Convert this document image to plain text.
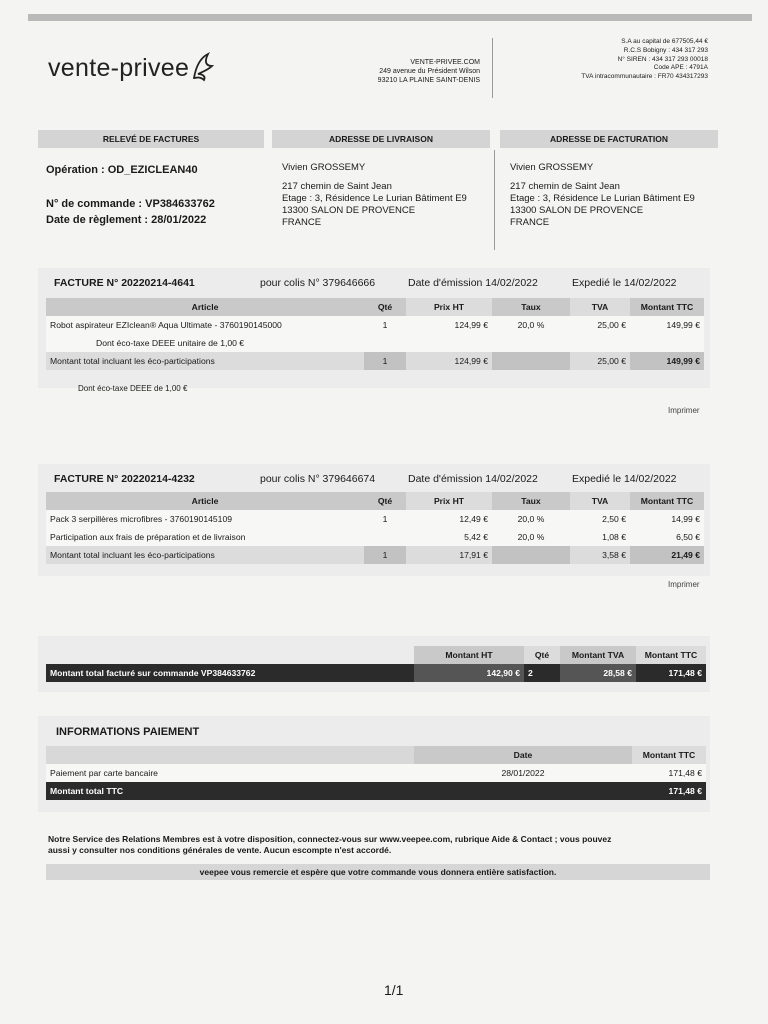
vente-privee	VENTE-PRIVEE.COM
249 avenue du Président Wilson
93210 LA PLAINE SAINT-DENIS
S.A au capital de 677505,44 €
R.C.S Bobigny : 434 317 293
N° SIREN : 434 317 293 00018
Code APE : 4791A
TVA intracommunautaire : FR70 434317293
RELEVÉ DE FACTURES	ADRESSE DE LIVRAISON	ADRESSE DE FACTURATION
Opération : OD_EZICLEAN40
N° de commande : VP384633762
Date de règlement : 28/01/2022
Vivien GROSSEMY
217 chemin de Saint Jean
Etage : 3, Résidence Le Lurian Bâtiment E9
13300 SALON DE PROVENCE
FRANCE
Vivien GROSSEMY
217 chemin de Saint Jean
Etage : 3, Résidence Le Lurian Bâtiment E9
13300 SALON DE PROVENCE
FRANCE
FACTURE N° 20220214-4641	pour colis N° 379646666	Date d'émission 14/02/2022	Expedié le 14/02/2022
Article	Qté	Prix HT	Taux	TVA	Montant TTC
Robot aspirateur EZIclean® Aqua Ultimate - 3760190145000	1	124,99 €	20,0 %	25,00 €	149,99 €
Dont éco-taxe DEEE unitaire de 1,00 €					
Montant total incluant les éco-participations	1	124,99 €		25,00 €	149,99 €
Dont éco-taxe DEEE de 1,00 €
Imprimer
FACTURE N° 20220214-4232	pour colis N° 379646674	Date d'émission 14/02/2022	Expedié le 14/02/2022
Article	Qté	Prix HT	Taux	TVA	Montant TTC
Pack 3 serpillères microfibres - 3760190145109	1	12,49 €	20,0 %	2,50 €	14,99 €
Participation aux frais de préparation et de livraison		5,42 €	20,0 %	1,08 €	6,50 €
Montant total incluant les éco-participations	1	17,91 €		3,58 €	21,49 €
Imprimer
	Montant HT	Qté	Montant TVA	Montant TTC
Montant total facturé sur commande VP384633762	142,90 €	2	28,58 €	171,48 €
INFORMATIONS PAIEMENT
	Date	Montant TTC
Paiement par carte bancaire	28/01/2022	171,48 €
Montant total TTC		171,48 €
Notre Service des Relations Membres est à votre disposition, connectez-vous sur www.veepee.com, rubrique Aide & Contact ; vous pouvez
aussi y consulter nos conditions générales de vente. Aucun escompte n'est accordé.
veepee vous remercie et espère que votre commande vous donnera entière satisfaction.
1/1
